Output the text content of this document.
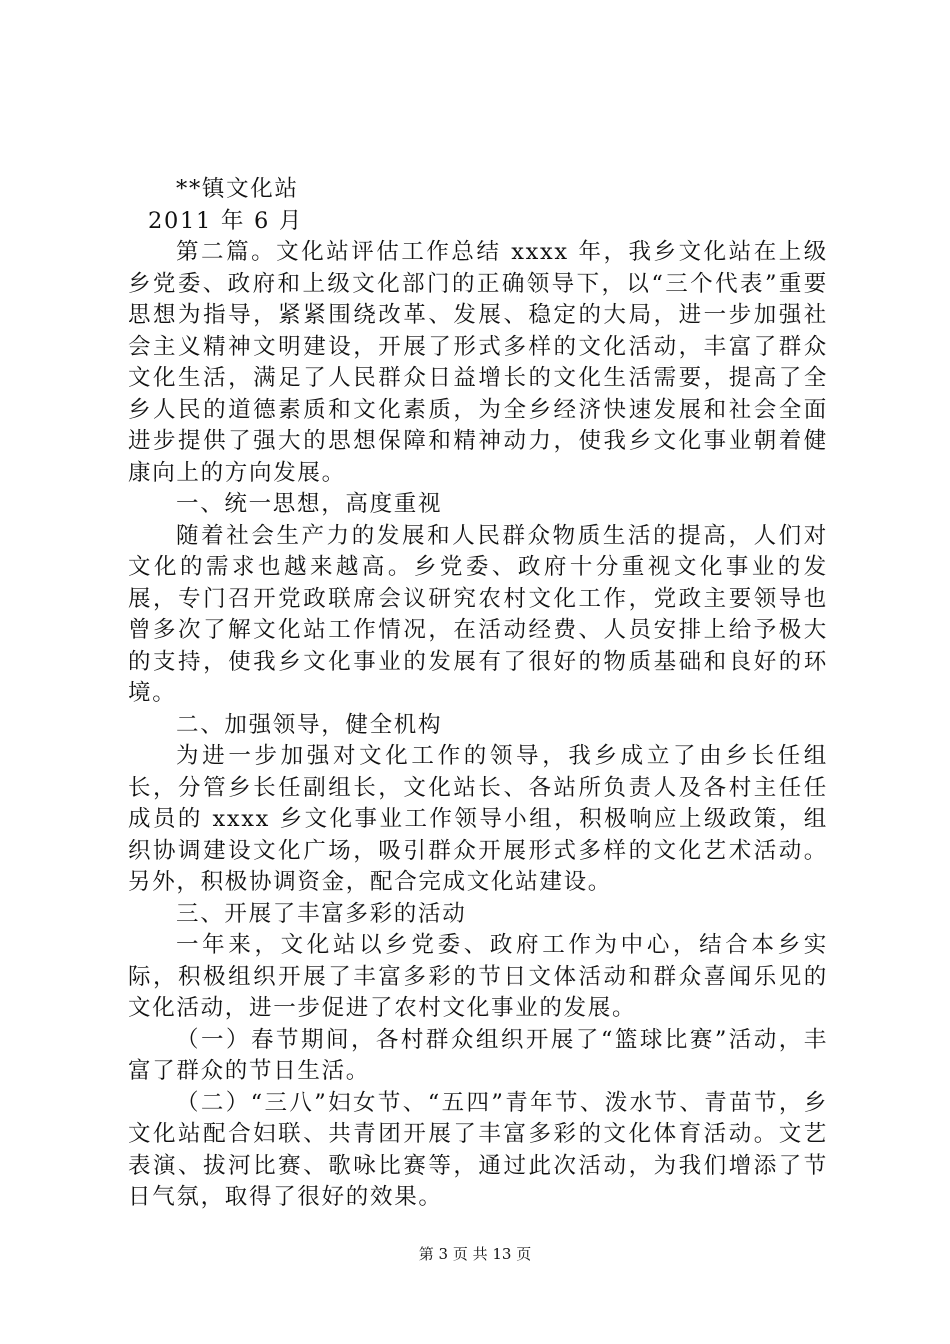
**镇文化站

2011 年 6 月

第二篇。文化站评估工作总结 xxxx 年，我乡文化站在上级乡党委、政府和上级文化部门的正确领导下，以“三个代表”重要思想为指导，紧紧围绕改革、发展、稳定的大局，进一步加强社会主义精神文明建设，开展了形式多样的文化活动，丰富了群众文化生活，满足了人民群众日益增长的文化生活需要，提高了全乡人民的道德素质和文化素质，为全乡经济快速发展和社会全面进步提供了强大的思想保障和精神动力，使我乡文化事业朝着健康向上的方向发展。

一、统一思想，高度重视

随着社会生产力的发展和人民群众物质生活的提高，人们对文化的需求也越来越高。乡党委、政府十分重视文化事业的发展，专门召开党政联席会议研究农村文化工作，党政主要领导也曾多次了解文化站工作情况，在活动经费、人员安排上给予极大的支持，使我乡文化事业的发展有了很好的物质基础和良好的环境。

二、加强领导，健全机构

为进一步加强对文化工作的领导，我乡成立了由乡长任组长，分管乡长任副组长，文化站长、各站所负责人及各村主任任成员的 xxxx 乡文化事业工作领导小组，积极响应上级政策，组织协调建设文化广场，吸引群众开展形式多样的文化艺术活动。另外，积极协调资金，配合完成文化站建设。

三、开展了丰富多彩的活动

一年来，文化站以乡党委、政府工作为中心，结合本乡实际，积极组织开展了丰富多彩的节日文体活动和群众喜闻乐见的文化活动，进一步促进了农村文化事业的发展。

（一）春节期间，各村群众组织开展了“篮球比赛”活动，丰富了群众的节日生活。

（二）“三八”妇女节、“五四”青年节、泼水节、青苗节，乡文化站配合妇联、共青团开展了丰富多彩的文化体育活动。文艺表演、拔河比赛、歌咏比赛等，通过此次活动，为我们增添了节日气氛，取得了很好的效果。

第 3 页 共 13 页
